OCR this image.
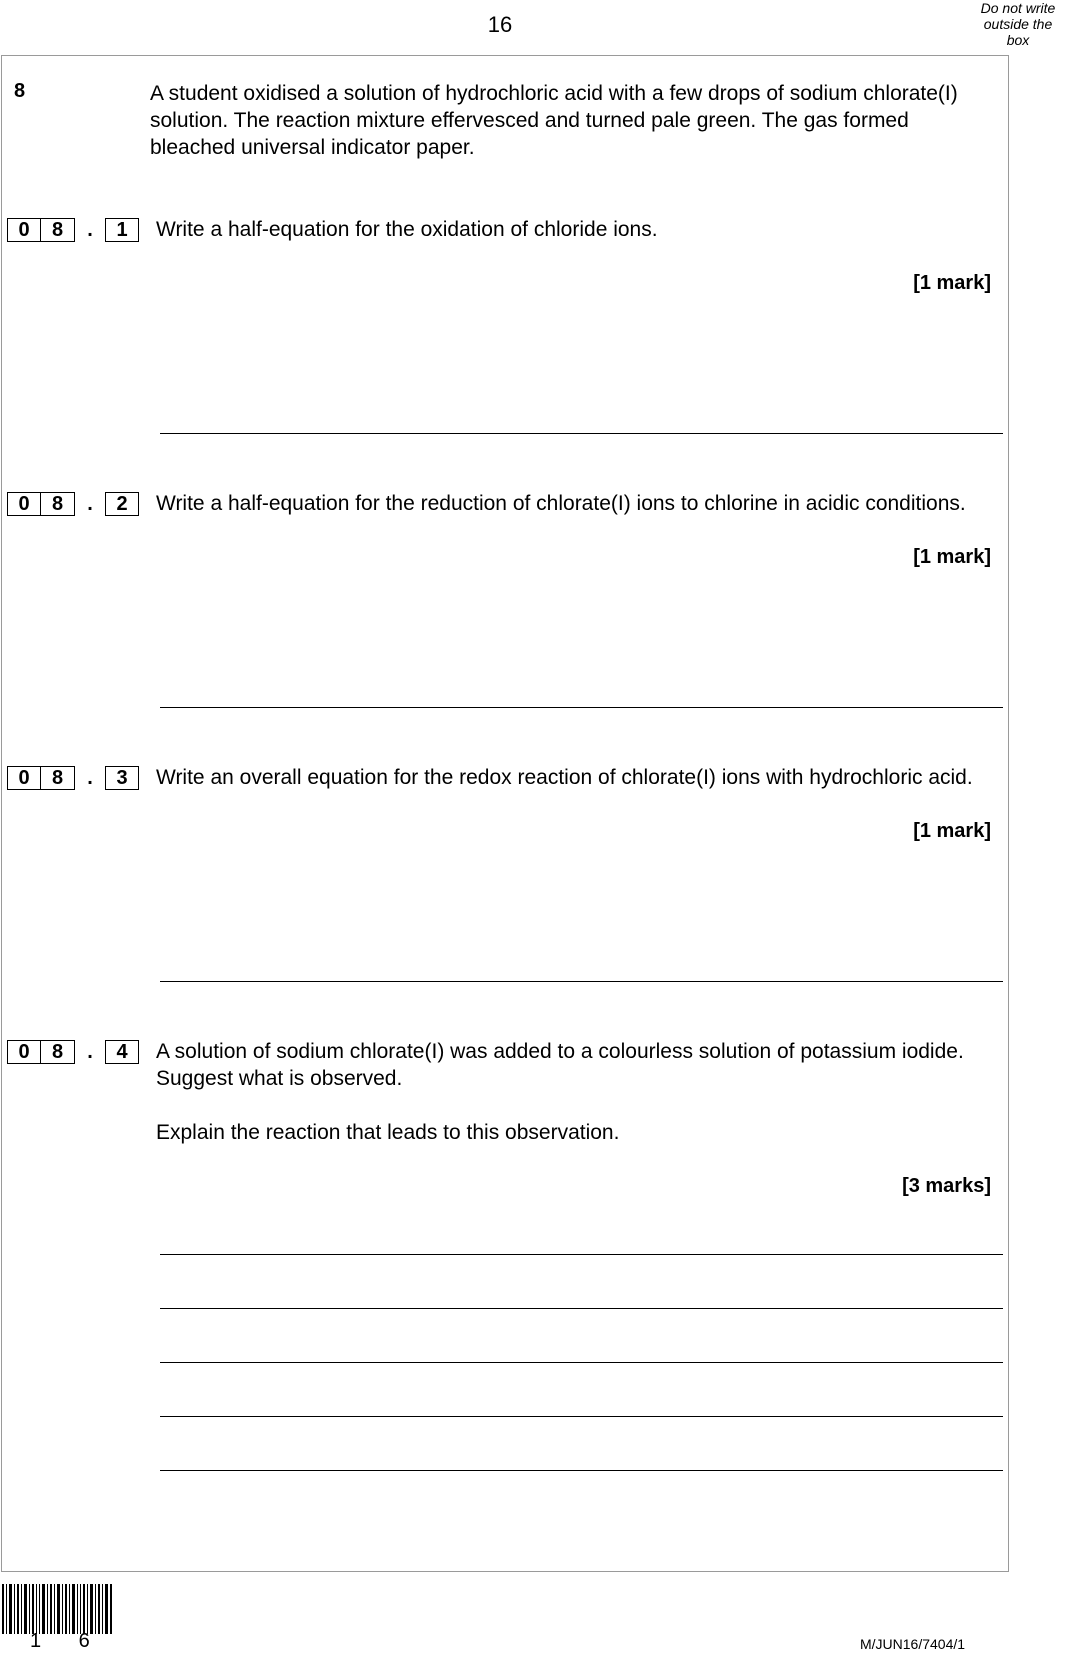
16
Do not write
outside the
box
8	A student oxidised a solution of hydrochloric acid with a few drops of sodium chlorate(I) solution. The reaction mixture effervesced and turned pale green. The gas formed bleached universal indicator paper.
0	8	.	1	Write a half-equation for the oxidation of chloride ions.
[1 mark]
0	8	.	2	Write a half-equation for the reduction of chlorate(I) ions to chlorine in acidic conditions.
[1 mark]
0	8	.	3	Write an overall equation for the redox reaction of chlorate(I) ions with hydrochloric acid.
[1 mark]
0	8	.	4	A solution of sodium chlorate(I) was added to a colourless solution of potassium iodide.
Suggest what is observed.
Explain the reaction that leads to this observation.
[3 marks]
1 6	M/JUN16/7404/1
